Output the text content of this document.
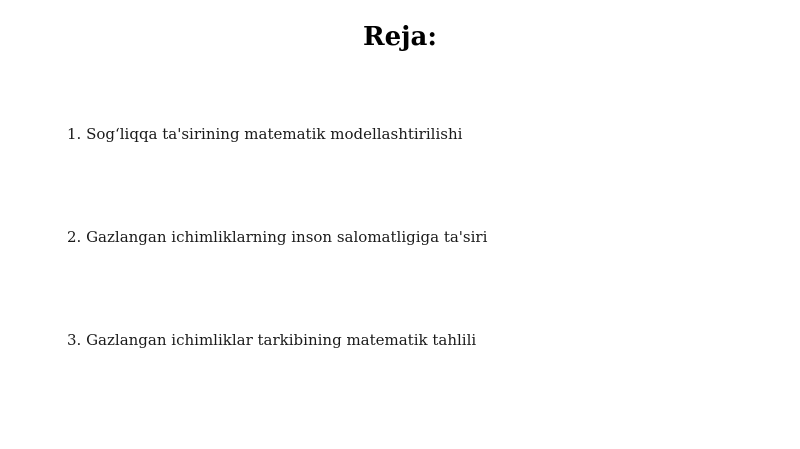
Reja:
1. Sog‘liqqa ta'sirining matematik modellashtirilishi
2. Gazlangan ichimliklarning inson salomatligiga ta'siri
3. Gazlangan ichimliklar tarkibining matematik tahlili
